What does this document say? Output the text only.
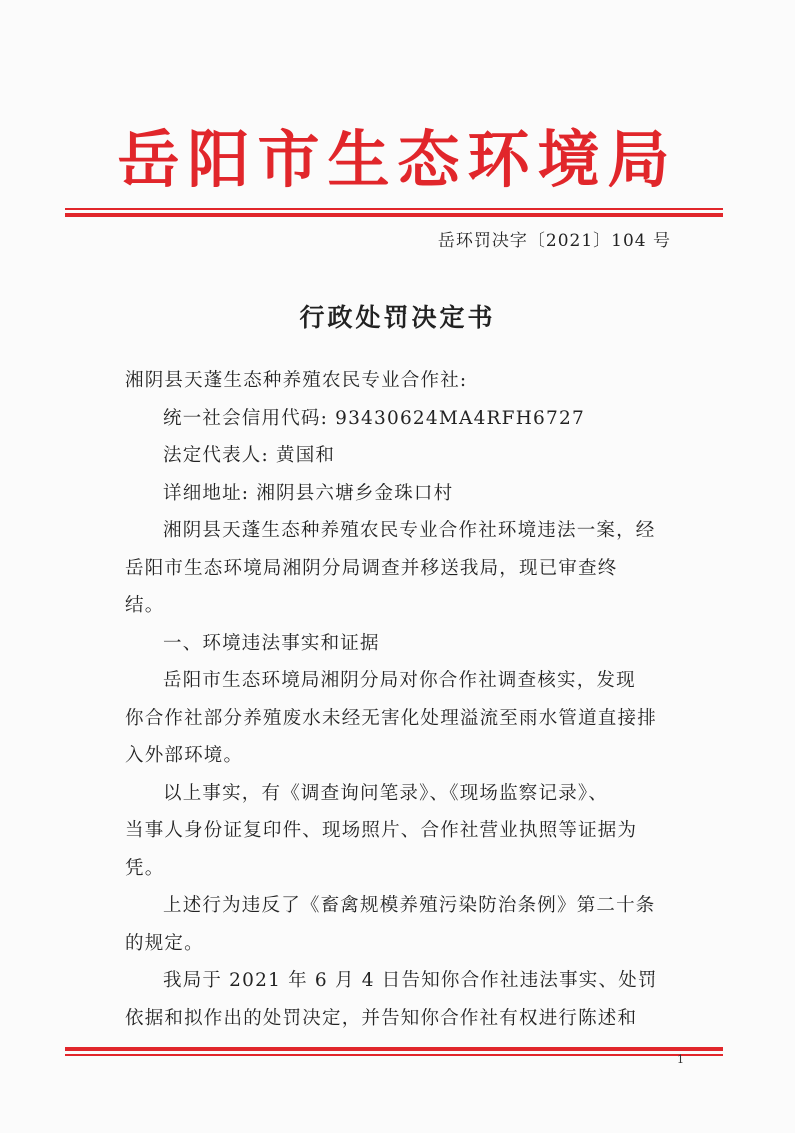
岳阳市生态环境局
岳环罚决字〔2021〕104 号
行政处罚决定书
湘阴县天蓬生态种养殖农民专业合作社:
统一社会信用代码: 93430624MA4RFH6727
法定代表人: 黄国和
详细地址: 湘阴县六塘乡金珠口村
湘阴县天蓬生态种养殖农民专业合作社环境违法一案，经
岳阳市生态环境局湘阴分局调查并移送我局，现已审查终
结。
一、环境违法事实和证据
岳阳市生态环境局湘阴分局对你合作社调查核实，发现
你合作社部分养殖废水未经无害化处理溢流至雨水管道直接排
入外部环境。
以上事实，有《调查询问笔录》、《现场监察记录》、
当事人身份证复印件、现场照片、合作社营业执照等证据为
凭。
上述行为违反了《畜禽规模养殖污染防治条例》第二十条
的规定。
我局于 2021 年 6 月 4 日告知你合作社违法事实、处罚
依据和拟作出的处罚决定，并告知你合作社有权进行陈述和
1
